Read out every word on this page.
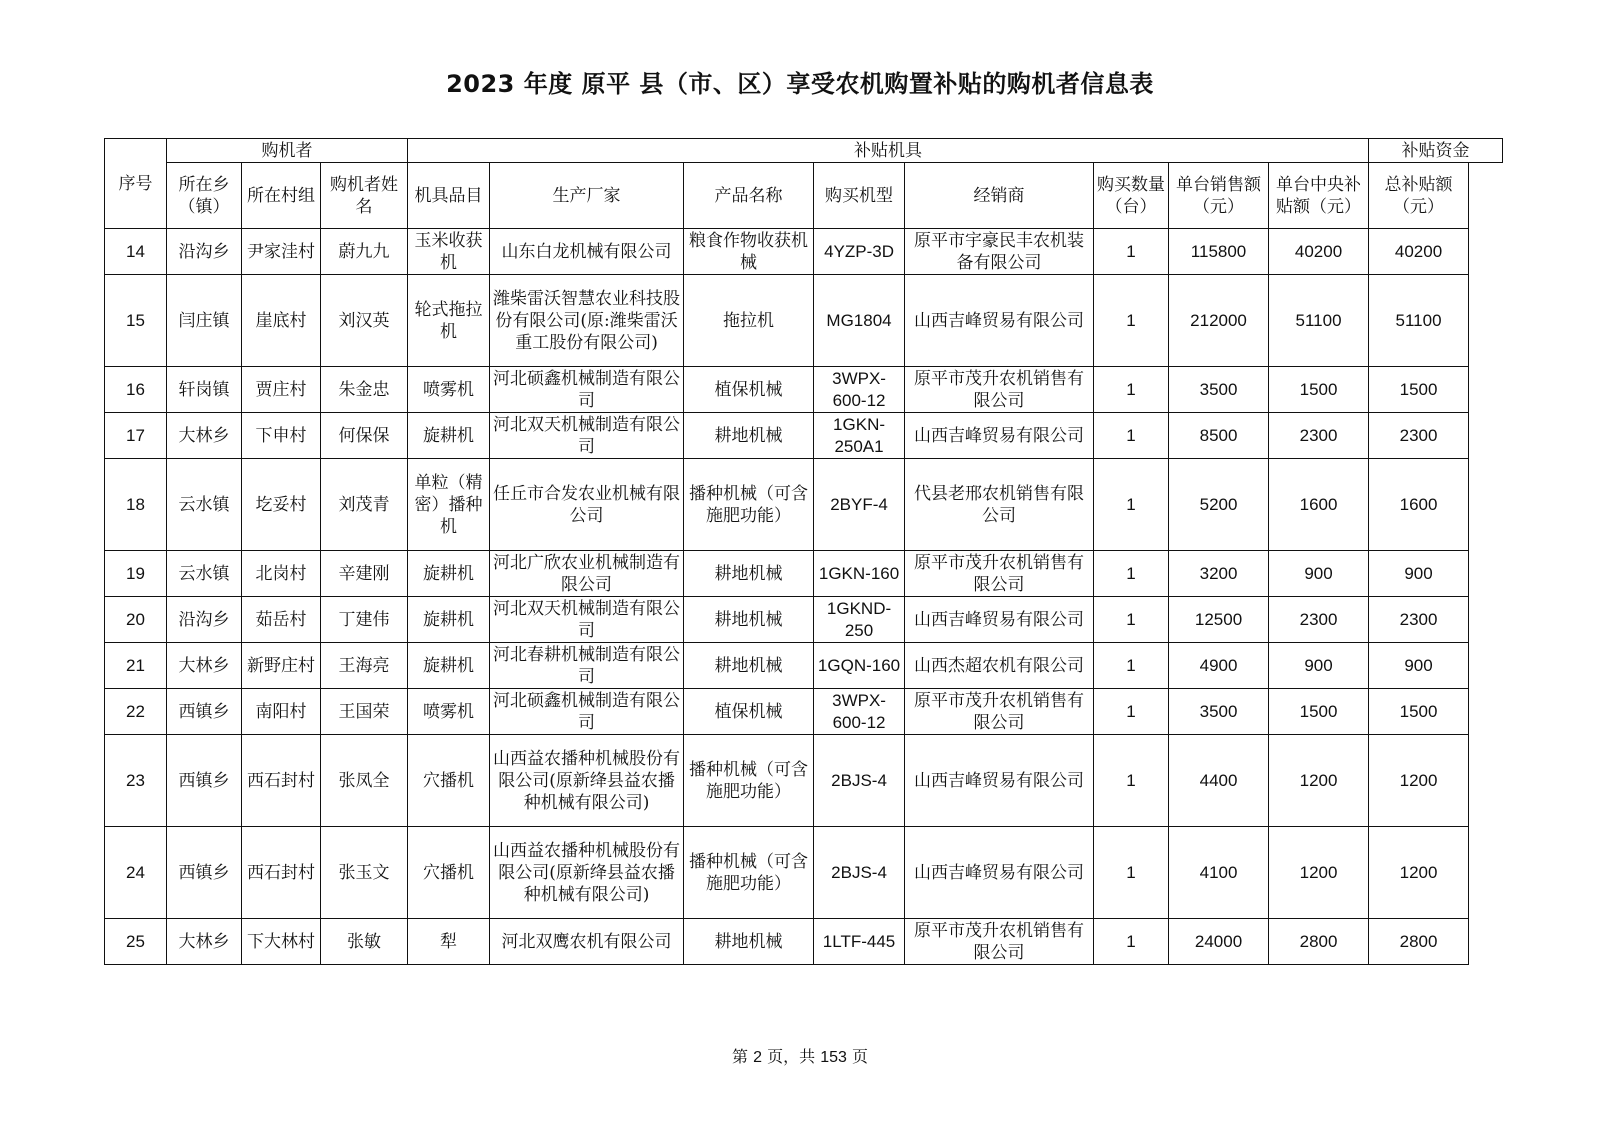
2023 年度 原平 县（市、区）享受农机购置补贴的购机者信息表
序号	购机者			补贴机具								补贴资金
	所在乡（镇）	所在村组	购机者姓名	机具品目	生产厂家	产品名称	购买机型	经销商	购买数量（台）	单台销售额（元）	单台中央补贴额（元）	总补贴额（元）
14	沿沟乡	尹家洼村	蔚九九	玉米收获机	山东白龙机械有限公司	粮食作物收获机械	4YZP-3D	原平市宇豪民丰农机装备有限公司	1	115800	40200	40200
15	闫庄镇	崖底村	刘汉英	轮式拖拉机	潍柴雷沃智慧农业科技股份有限公司(原:潍柴雷沃重工股份有限公司)	拖拉机	MG1804	山西吉峰贸易有限公司	1	212000	51100	51100
16	轩岗镇	贾庄村	朱金忠	喷雾机	河北硕鑫机械制造有限公司	植保机械	3WPX-600-12	原平市茂升农机销售有限公司	1	3500	1500	1500
17	大林乡	下申村	何保保	旋耕机	河北双天机械制造有限公司	耕地机械	1GKN-250A1	山西吉峰贸易有限公司	1	8500	2300	2300
18	云水镇	圪妥村	刘茂青	单粒（精密）播种机	任丘市合发农业机械有限公司	播种机械（可含施肥功能）	2BYF-4	代县老邢农机销售有限公司	1	5200	1600	1600
19	云水镇	北岗村	辛建刚	旋耕机	河北广欣农业机械制造有限公司	耕地机械	1GKN-160	原平市茂升农机销售有限公司	1	3200	900	900
20	沿沟乡	茹岳村	丁建伟	旋耕机	河北双天机械制造有限公司	耕地机械	1GKND-250	山西吉峰贸易有限公司	1	12500	2300	2300
21	大林乡	新野庄村	王海亮	旋耕机	河北春耕机械制造有限公司	耕地机械	1GQN-160	山西杰超农机有限公司	1	4900	900	900
22	西镇乡	南阳村	王国荣	喷雾机	河北硕鑫机械制造有限公司	植保机械	3WPX-600-12	原平市茂升农机销售有限公司	1	3500	1500	1500
23	西镇乡	西石封村	张凤全	穴播机	山西益农播种机械股份有限公司(原新绛县益农播种机械有限公司)	播种机械（可含施肥功能）	2BJS-4	山西吉峰贸易有限公司	1	4400	1200	1200
24	西镇乡	西石封村	张玉文	穴播机	山西益农播种机械股份有限公司(原新绛县益农播种机械有限公司)	播种机械（可含施肥功能）	2BJS-4	山西吉峰贸易有限公司	1	4100	1200	1200
25	大林乡	下大林村	张敏	犁	河北双鹰农机有限公司	耕地机械	1LTF-445	原平市茂升农机销售有限公司	1	24000	2800	2800
第 2 页，共 153 页
